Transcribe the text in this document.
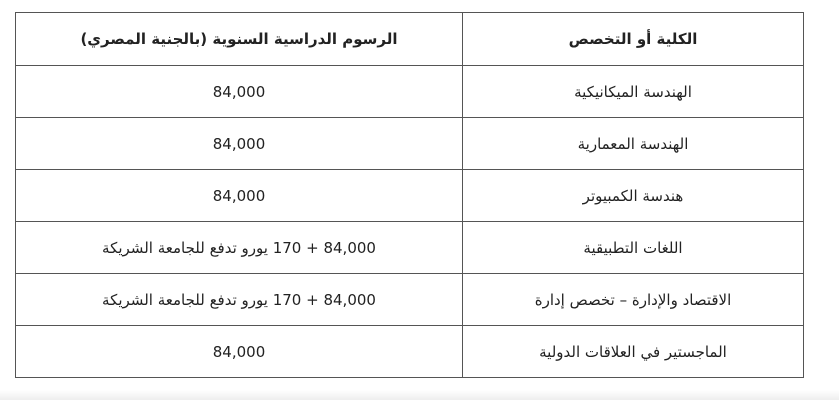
الكلية أو التخصص	الرسوم الدراسية السنوية (بالجنية المصري)
الهندسة الميكانيكية	84,000
الهندسة المعمارية	84,000
هندسة الكمبيوتر	84,000
اللغات التطبيقية	84,000 + 170 يورو تدفع للجامعة الشريكة
الاقتصاد والإدارة – تخصص إدارة	84,000 + 170 يورو تدفع للجامعة الشريكة
الماجستير في العلاقات الدولية	84,000
